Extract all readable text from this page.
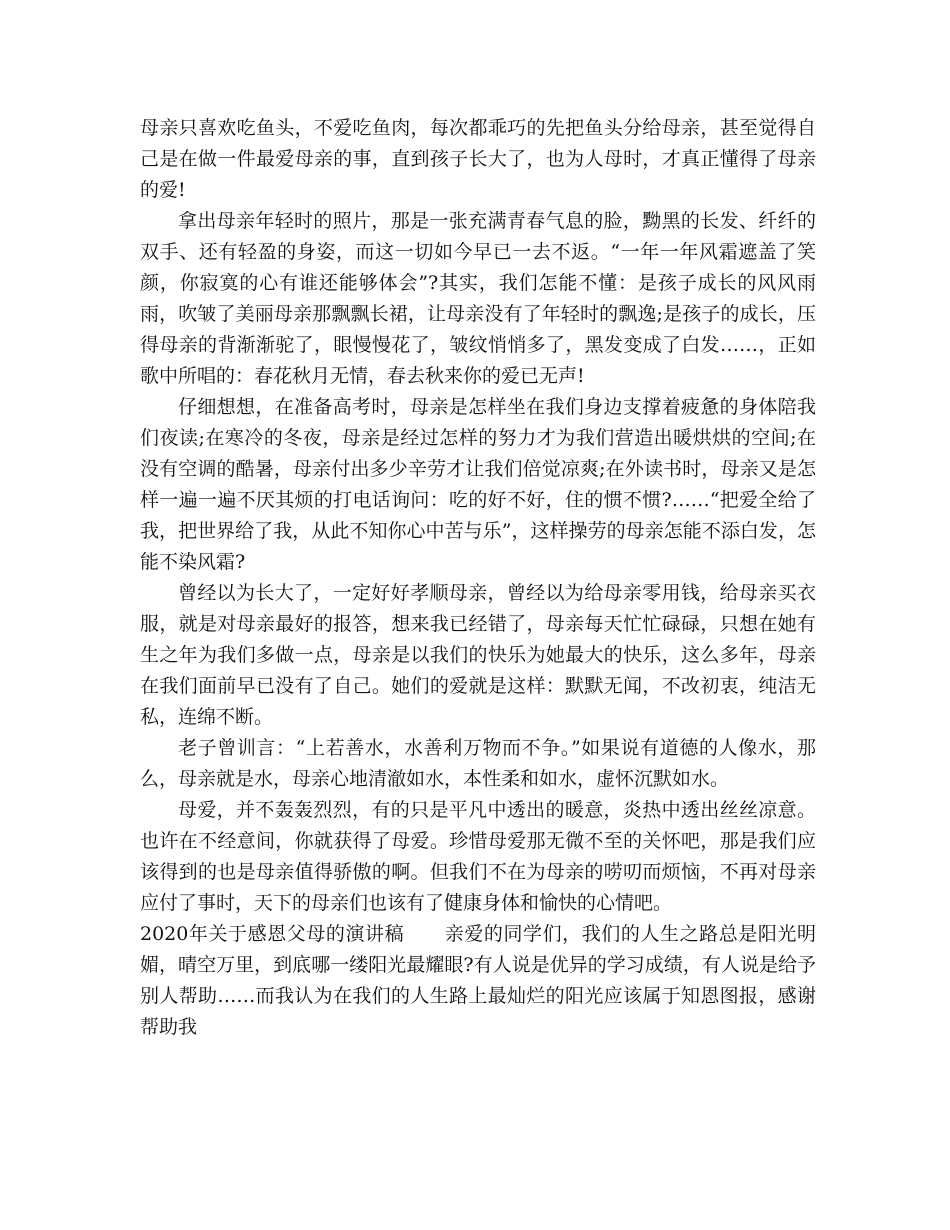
母亲只喜欢吃鱼头，不爱吃鱼肉，每次都乖巧的先把鱼头分给母亲，甚至觉得自己是在做一件最爱母亲的事，直到孩子长大了，也为人母时，才真正懂得了母亲的爱!

拿出母亲年轻时的照片，那是一张充满青春气息的脸，黝黑的长发、纤纤的双手、还有轻盈的身姿，而这一切如今早已一去不返。“一年一年风霜遮盖了笑颜，你寂寞的心有谁还能够体会”?其实，我们怎能不懂：是孩子成长的风风雨雨，吹皱了美丽母亲那飘飘长裙，让母亲没有了年轻时的飘逸;是孩子的成长，压得母亲的背渐渐驼了，眼慢慢花了，皱纹悄悄多了，黑发变成了白发……，正如歌中所唱的：春花秋月无情，春去秋来你的爱已无声!

仔细想想，在准备高考时，母亲是怎样坐在我们身边支撑着疲惫的身体陪我们夜读;在寒冷的冬夜，母亲是经过怎样的努力才为我们营造出暖烘烘的空间;在没有空调的酷暑，母亲付出多少辛劳才让我们倍觉凉爽;在外读书时，母亲又是怎样一遍一遍不厌其烦的打电话询问：吃的好不好，住的惯不惯?……“把爱全给了我，把世界给了我，从此不知你心中苦与乐”，这样操劳的母亲怎能不添白发，怎能不染风霜?

曾经以为长大了，一定好好孝顺母亲，曾经以为给母亲零用钱，给母亲买衣服，就是对母亲最好的报答，想来我已经错了，母亲每天忙忙碌碌，只想在她有生之年为我们多做一点，母亲是以我们的快乐为她最大的快乐，这么多年，母亲在我们面前早已没有了自己。她们的爱就是这样：默默无闻，不改初衷，纯洁无私，连绵不断。

老子曾训言：“上若善水，水善利万物而不争。”如果说有道德的人像水，那么，母亲就是水，母亲心地清澈如水，本性柔和如水，虚怀沉默如水。

母爱，并不轰轰烈烈，有的只是平凡中透出的暖意，炎热中透出丝丝凉意。也许在不经意间，你就获得了母爱。珍惜母爱那无微不至的关怀吧，那是我们应该得到的也是母亲值得骄傲的啊。但我们不在为母亲的唠叨而烦恼，不再对母亲应付了事时，天下的母亲们也该有了健康身体和愉快的心情吧。

2020年关于感恩父母的演讲稿 亲爱的同学们，我们的人生之路总是阳光明媚，晴空万里，到底哪一缕阳光最耀眼?有人说是优异的学习成绩，有人说是给予别人帮助……而我认为在我们的人生路上最灿烂的阳光应该属于知恩图报，感谢帮助我
